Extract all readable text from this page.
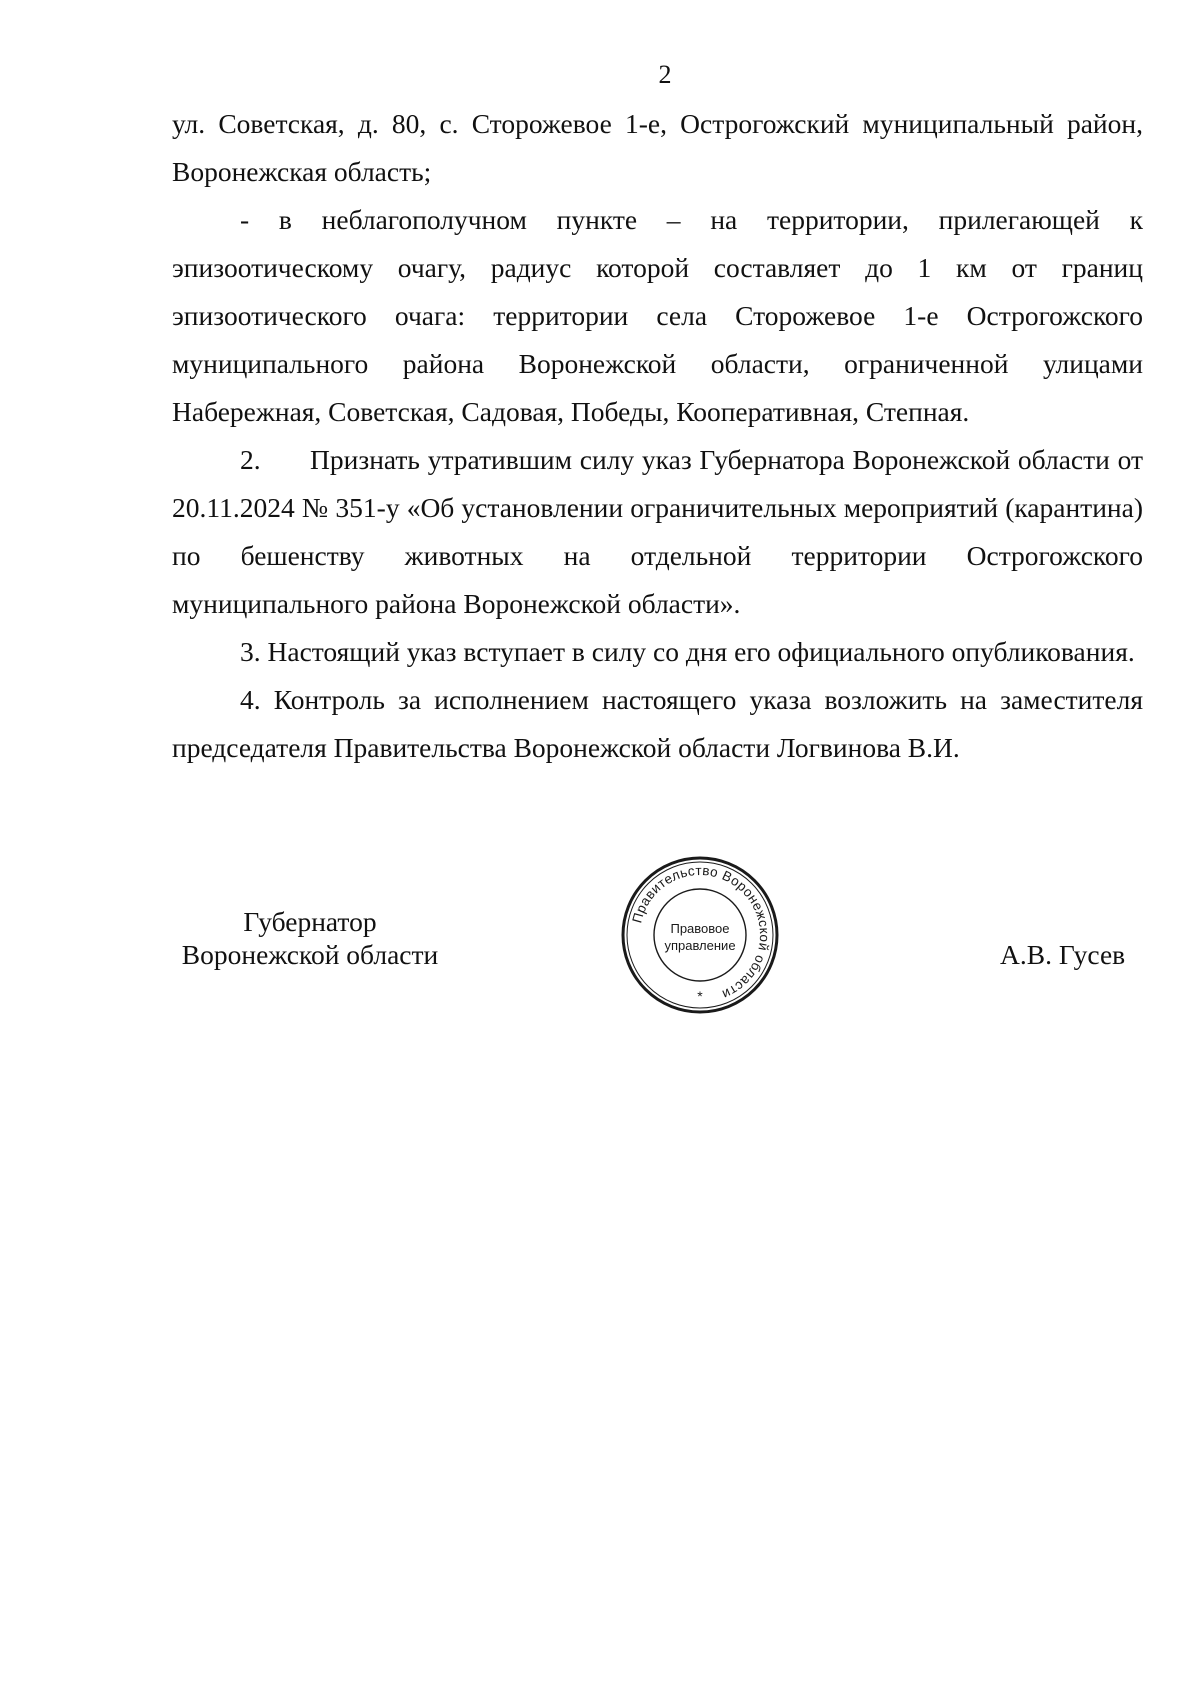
2

ул. Советская, д. 80, с. Сторожевое 1-е, Острогожский муниципальный район, Воронежская область;

- в неблагополучном пункте – на территории, прилегающей к эпизоотическому очагу, радиус которой составляет до 1 км от границ эпизоотического очага: территории села Сторожевое 1-е Острогожского муниципального района Воронежской области, ограниченной улицами Набережная, Советская, Садовая, Победы, Кооперативная, Степная.

2. Признать утратившим силу указ Губернатора Воронежской области от 20.11.2024 № 351-у «Об установлении ограничительных мероприятий (карантина) по бешенству животных на отдельной территории Острогожского муниципального района Воронежской области».

3. Настоящий указ вступает в силу со дня его официального опубликования.

4. Контроль за исполнением настоящего указа возложить на заместителя председателя Правительства Воронежской области Логвинова В.И.

Губернатор
Воронежской области	А.В. Гусев
Правительство Воронежской области
Правовое
управление
*
